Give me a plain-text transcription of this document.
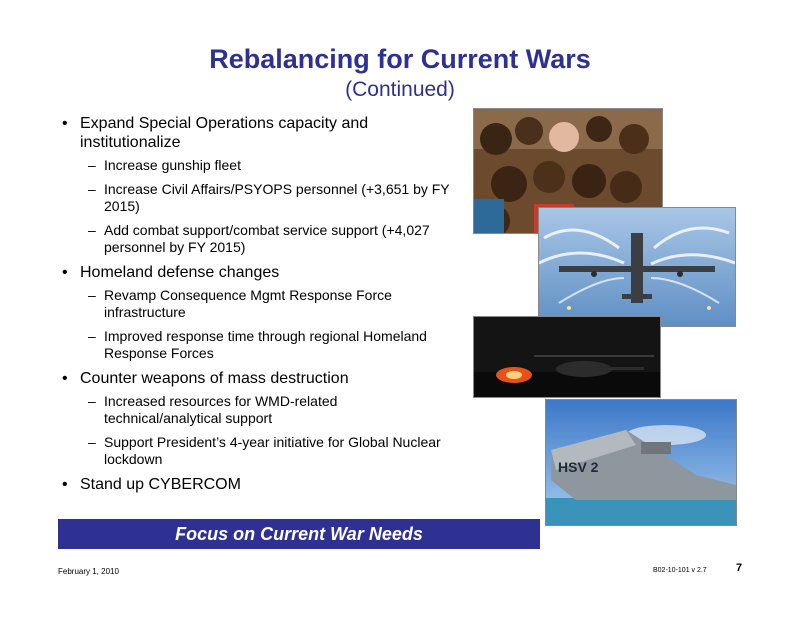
Rebalancing for Current Wars
(Continued)
• Expand Special Operations capacity and institutionalize
– Increase gunship fleet
– Increase Civil Affairs/PSYOPS personnel (+3,651 by FY 2015)
– Add combat support/combat service support (+4,027 personnel by FY 2015)
• Homeland defense changes
– Revamp Consequence Mgmt Response Force infrastructure
– Improved response time through regional Homeland Response Forces
• Counter weapons of mass destruction
– Increased resources for WMD-related technical/analytical support
– Support President’s 4-year initiative for Global Nuclear lockdown
• Stand up CYBERCOM
HSV 2
Focus on Current War Needs
February 1, 2010	B02-10-101 v 2.7	7
